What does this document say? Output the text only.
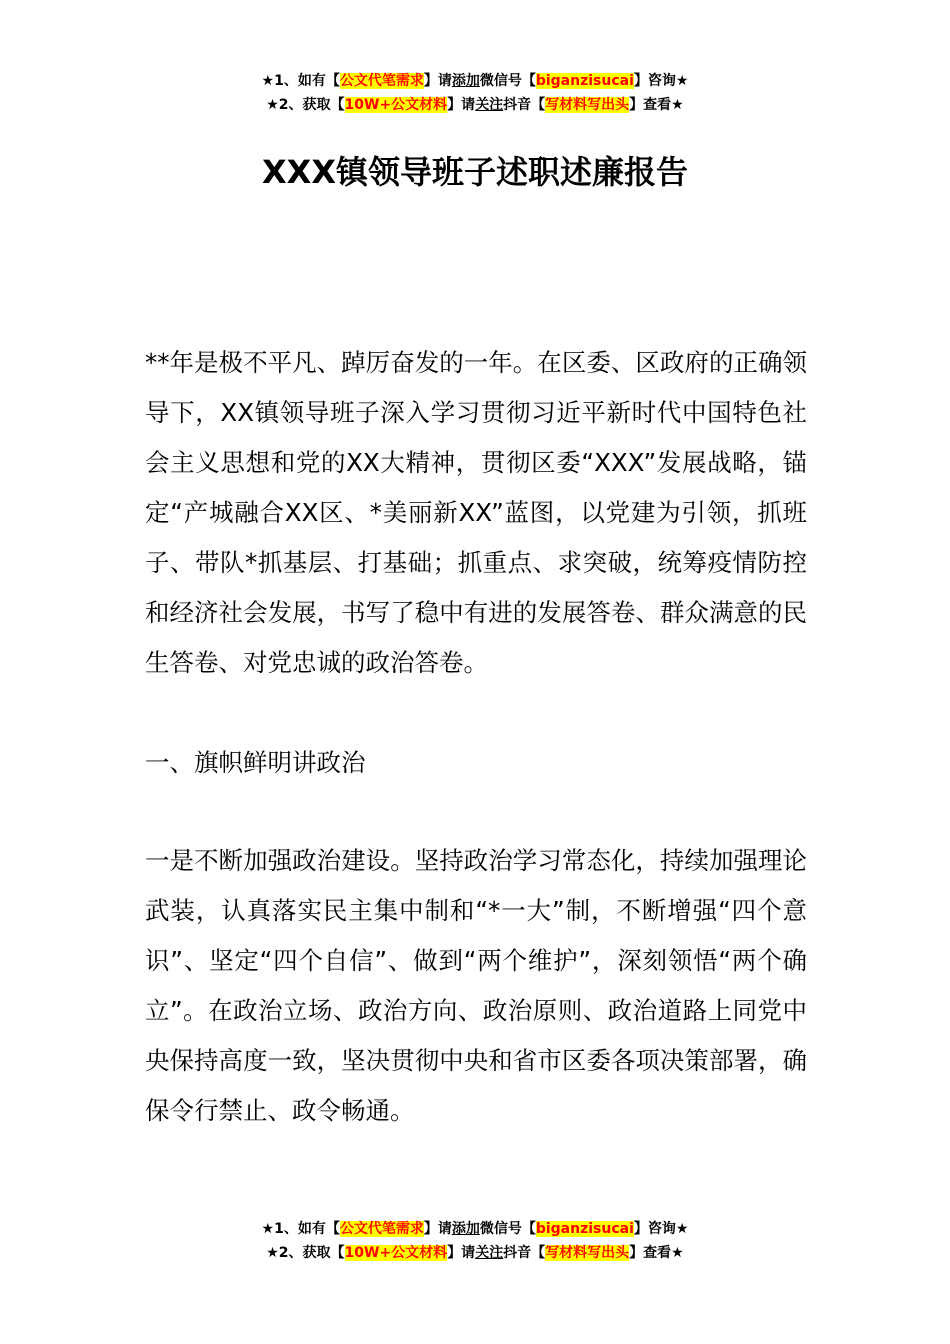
★1、如有【公文代笔需求】请添加微信号【biganzisucai】咨询★
★2、获取【10W+公文材料】请关注抖音【写材料写出头】查看★
XXX镇领导班子述职述廉报告

**年是极不平凡、踔厉奋发的一年。在区委、区政府的正确领导下，XX镇领导班子深入学习贯彻习近平新时代中国特色社会主义思想和党的XX大精神，贯彻区委“XXX”发展战略，锚定“产城融合XX区、*美丽新XX”蓝图，以党建为引领，抓班子、带队*抓基层、打基础；抓重点、求突破，统筹疫情防控和经济社会发展，书写了稳中有进的发展答卷、群众满意的民生答卷、对党忠诚的政治答卷。

一、旗帜鲜明讲政治

一是不断加强政治建设。坚持政治学习常态化，持续加强理论武装，认真落实民主集中制和“*一大”制，不断增强“四个意识”、坚定“四个自信”、做到“两个维护”，深刻领悟“两个确立”。在政治立场、政治方向、政治原则、政治道路上同党中央保持高度一致，坚决贯彻中央和省市区委各项决策部署，确保令行禁止、政令畅通。

★1、如有【公文代笔需求】请添加微信号【biganzisucai】咨询★
★2、获取【10W+公文材料】请关注抖音【写材料写出头】查看★
